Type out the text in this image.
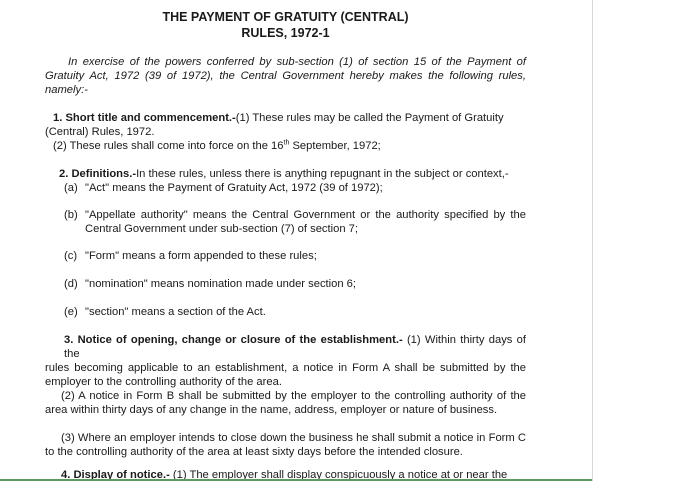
THE PAYMENT OF GRATUITY (CENTRAL)
RULES, 1972-1
In exercise of the powers conferred by sub-section (1) of section 15 of the Payment of
Gratuity Act, 1972 (39 of 1972), the Central Government hereby makes the following rules,
namely:-
1. Short title and commencement.-(1) These rules may be called the Payment of Gratuity
(Central) Rules, 1972.
(2) These rules shall come into force on the 16th September, 1972;
2. Definitions.-In these rules, unless there is anything repugnant in the subject or context,-
(a) "Act" means the Payment of Gratuity Act, 1972 (39 of 1972);
(b) "Appellate authority" means the Central Government or the authority specified by the
Central Government under sub-section (7) of section 7;
(c) "Form" means a form appended to these rules;
(d) "nomination" means nomination made under section 6;
(e) "section" means a section of the Act.
3. Notice of opening, change or closure of the establishment.- (1) Within thirty days of the
rules becoming applicable to an establishment, a notice in Form A shall be submitted by the
employer to the controlling authority of the area.
(2) A notice in Form B shall be submitted by the employer to the controlling authority of the
area within thirty days of any change in the name, address, employer or nature of business.
(3) Where an employer intends to close down the business he shall submit a notice in Form C
to the controlling authority of the area at least sixty days before the intended closure.
4. Display of notice.- (1) The employer shall display conspicuously a notice at or near the
